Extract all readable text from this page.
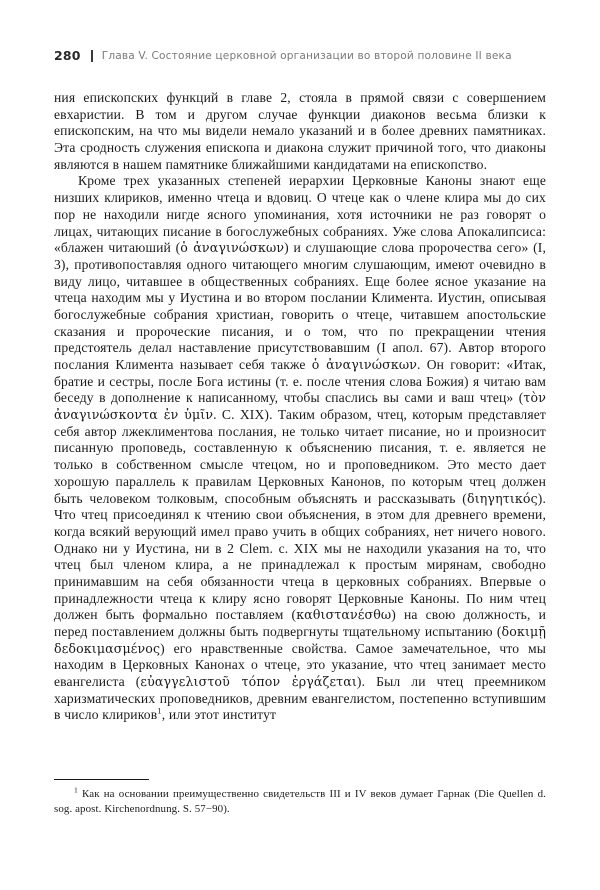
280 Глава V. Состояние церковной организации во второй половине II века

ния епископских функций в главе 2, стояла в прямой связи с совершением евхаристии. В том и другом случае функции диаконов весьма близки к епископским, на что мы видели немало указаний и в более древних памятниках. Эта сродность служения епископа и диакона служит причиной того, что диаконы являются в нашем памятнике ближайшими кандидатами на епископство.

Кроме трех указанных степеней иерархии Церковные Каноны знают еще низших клириков, именно чтеца и вдовиц. О чтеце как о члене клира мы до сих пор не находили нигде ясного упоминания, хотя источники не раз говорят о лицах, читающих писание в богослужебных собраниях. Уже слова Апокалипсиса: «блажен читаюший (ὁ ἀναγινώσκων) и слушающие слова пророчества сего» (I, 3), противопоставляя одного читающего многим слушающим, имеют очевидно в виду лицо, читавшее в общественных собраниях. Еще более ясное указание на чтеца находим мы у Иустина и во втором послании Климента. Иустин, описывая богослужебные собрания христиан, говорить о чтеце, читавшем апостольские сказания и пророческие писания, и о том, что по прекращении чтения предстоятель делал наставление присутствовавшим (I апол. 67). Автор второго послания Климента называет себя также ὁ ἀναγινώσκων. Он говорит: «Итак, братие и сестры, после Бога истины (т. е. после чтения слова Божия) я читаю вам беседу в дополнение к написанному, чтобы спаслись вы сами и ваш чтец» (τὸν ἀναγινώσκοντα ἐν ὑμῖν. С. XIX). Таким образом, чтец, которым представляет себя автор лжеклиментова послания, не только читает писание, но и произносит писанную проповедь, составленную к объяснению писания, т. е. является не только в собственном смысле чтецом, но и проповедником. Это место дает хорошую параллель к правилам Церковных Канонов, по которым чтец должен быть человеком толковым, способным объяснять и рассказывать (διηγητικός). Что чтец присоединял к чтению свои объяснения, в этом для древнего времени, когда всякий верующий имел право учить в общих собраниях, нет ничего нового. Однако ни у Иустина, ни в 2 Clem. с. XIX мы не находили указания на то, что чтец был членом клира, а не принадлежал к простым мирянам, свободно принимавшим на себя обязанности чтеца в церковных собраниях. Впервые о принадлежности чтеца к клиру ясно говорят Церковные Каноны. По ним чтец должен быть формально поставляем (καθιστανέσθω) на свою должность, и перед поставлением должны быть подвергнуты тщательному испытанию (δοκιμῇ δεδοκιμασμένος) его нравственные свойства. Самое замечательное, что мы находим в Церковных Канонах о чтеце, это указание, что чтец занимает место евангелиста (εὐαγγελιστοῦ τόπον ἐργάζεται). Был ли чтец преемником харизматических проповедников, древним евангелистом, постепенно вступившим в число клириков$^1$, или этот институт

$^1$ Как на основании преимущественно свидетельств III и IV веков думает Гарнак (Die Quellen d. sog. apost. Kirchenordnung. S. 57−90).
